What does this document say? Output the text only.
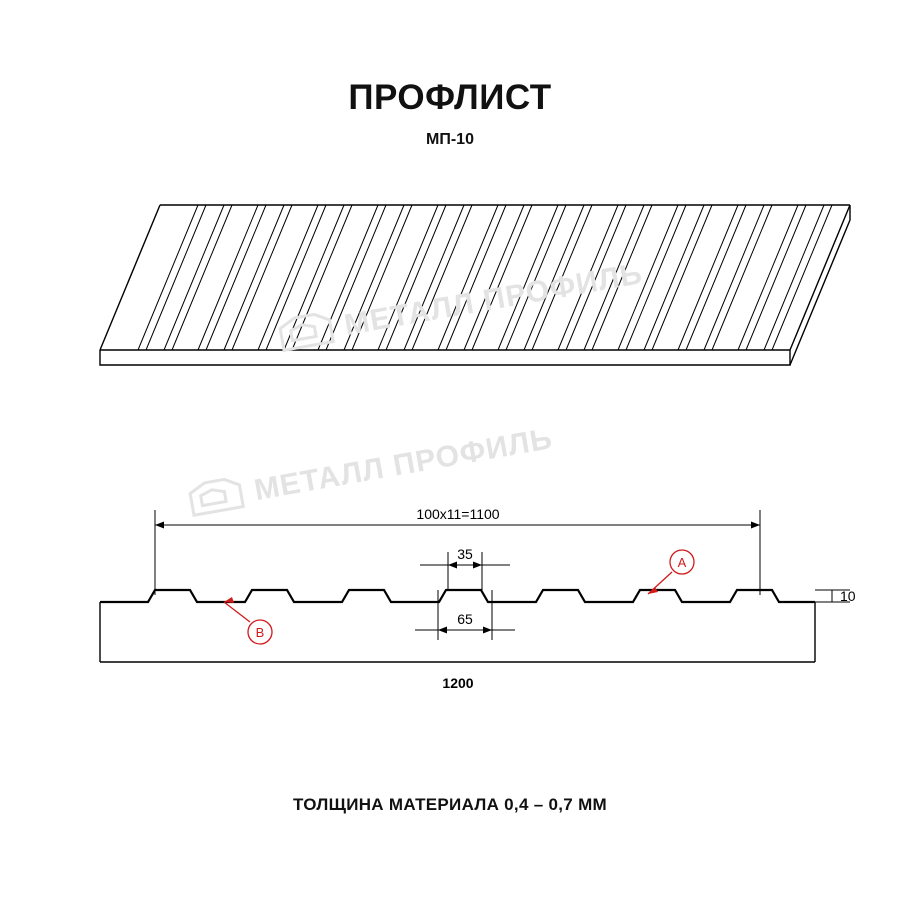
ПРОФЛИСТ
МП-10
МЕТАЛЛ ПРОФИЛЬ
100x11=1100
35
65
10
1200
A
B
МЕТАЛЛ ПРОФИЛЬ
ТОЛЩИНА МАТЕРИАЛА 0,4 – 0,7 ММ
